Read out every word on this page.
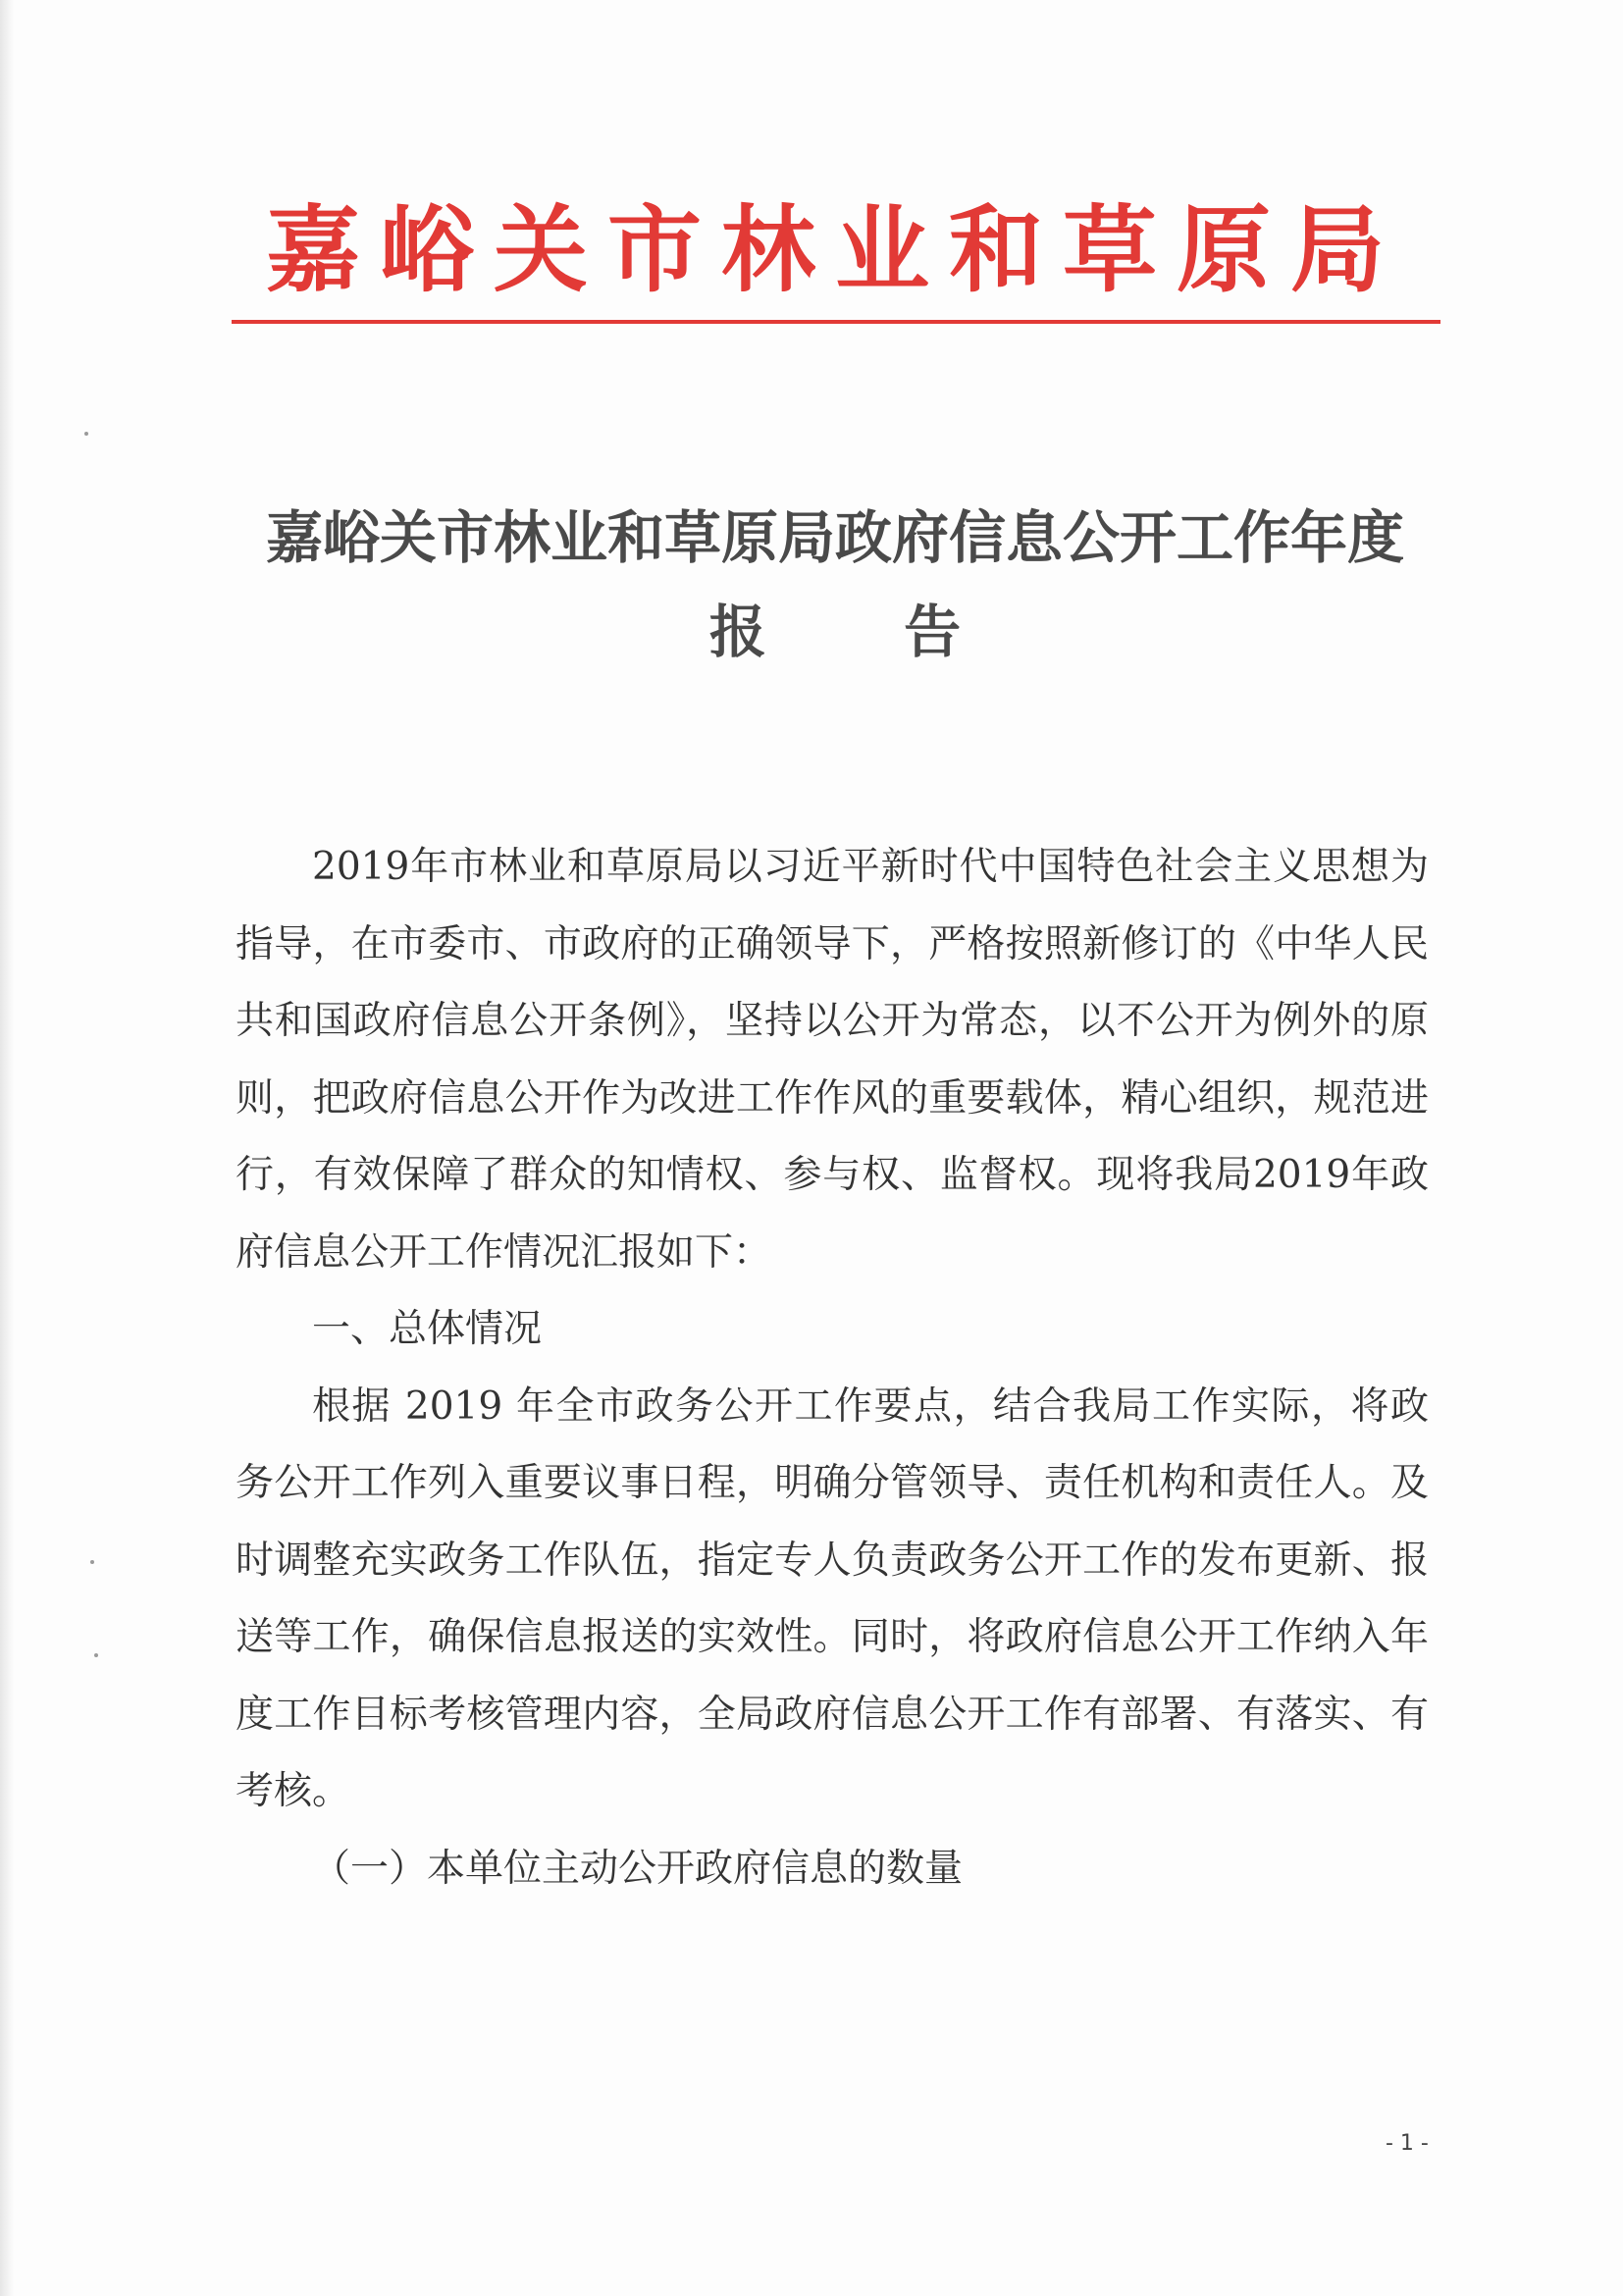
嘉峪关市林业和草原局
嘉峪关市林业和草原局政府信息公开工作年度
报 告

2019年市林业和草原局以习近平新时代中国特色社会主义思想为指导，在市委市、市政府的正确领导下，严格按照新修订的《中华人民共和国政府信息公开条例》，坚持以公开为常态，以不公开为例外的原则，把政府信息公开作为改进工作作风的重要载体，精心组织，规范进行，有效保障了群众的知情权、参与权、监督权。现将我局2019年政府信息公开工作情况汇报如下：

一、总体情况

根据 2019 年全市政务公开工作要点，结合我局工作实际，将政务公开工作列入重要议事日程，明确分管领导、责任机构和责任人。及时调整充实政务工作队伍，指定专人负责政务公开工作的发布更新、报送等工作，确保信息报送的实效性。同时，将政府信息公开工作纳入年度工作目标考核管理内容，全局政府信息公开工作有部署、有落实、有考核。

（一）本单位主动公开政府信息的数量

- 1 -
